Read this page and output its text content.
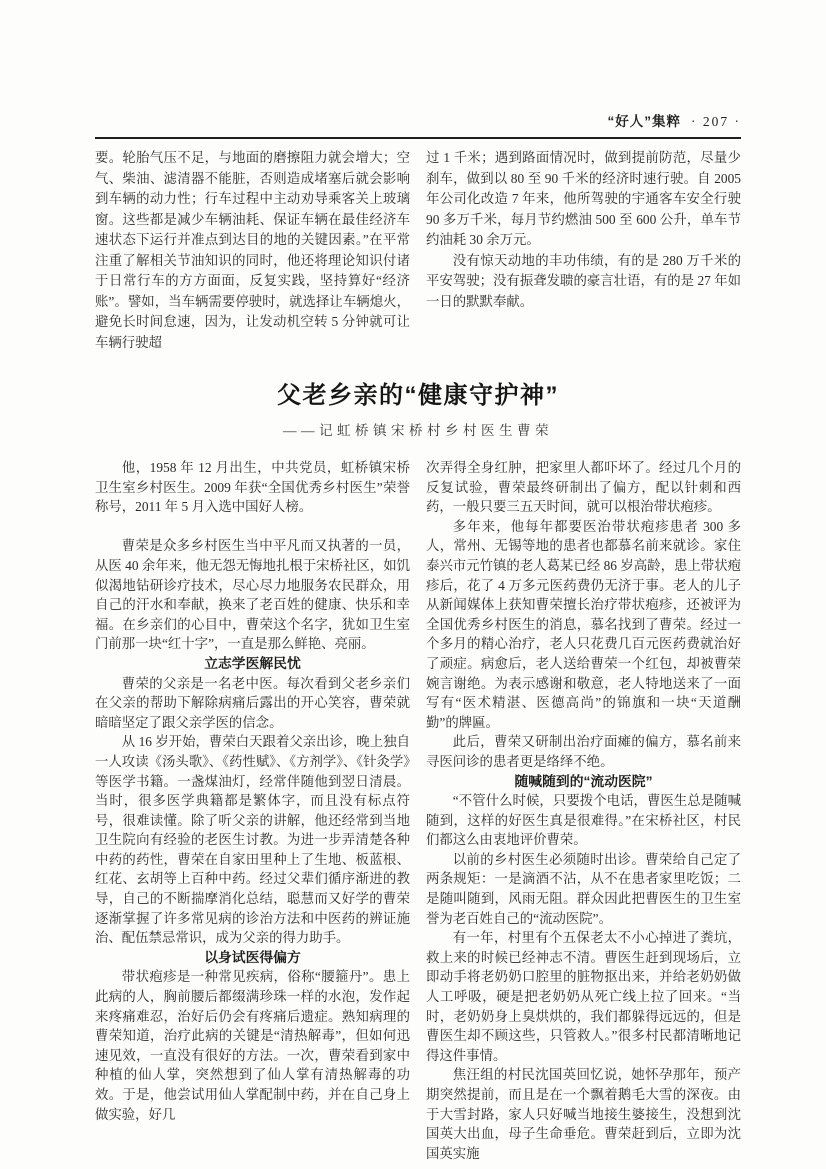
“好人”集粹 · 207 ·

要。轮胎气压不足，与地面的磨擦阻力就会增大；空气、柴油、滤清器不能脏，否则造成堵塞后就会影响到车辆的动力性；行车过程中主动劝导乘客关上玻璃窗。这些都是减少车辆油耗、保证车辆在最佳经济车速状态下运行并准点到达目的地的关键因素。”在平常注重了解相关节油知识的同时，他还将理论知识付诸于日常行车的方方面面，反复实践，坚持算好“经济账”。譬如，当车辆需要停驶时，就选择让车辆熄火，避免长时间怠速，因为，让发动机空转 5 分钟就可让车辆行驶超

过 1 千米；遇到路面情况时，做到提前防范，尽量少刹车，做到以 80 至 90 千米的经济时速行驶。自 2005 年公司化改造 7 年来，他所驾驶的宇通客车安全行驶 90 多万千米，每月节约燃油 500 至 600 公升，单车节约油耗 30 余万元。

没有惊天动地的丰功伟绩，有的是 280 万千米的平安驾驶；没有振聋发聩的豪言壮语，有的是 27 年如一日的默默奉献。

父老乡亲的“健康守护神”
——记虹桥镇宋桥村乡村医生曹荣

他，1958 年 12 月出生，中共党员，虹桥镇宋桥卫生室乡村医生。2009 年获“全国优秀乡村医生”荣誉称号，2011 年 5 月入选中国好人榜。

曹荣是众多乡村医生当中平凡而又执著的一员，从医 40 余年来，他无怨无悔地扎根于宋桥社区，如饥似渴地钻研诊疗技术，尽心尽力地服务农民群众，用自己的汗水和奉献，换来了老百姓的健康、快乐和幸福。在乡亲们的心目中，曹荣这个名字，犹如卫生室门前那一块“红十字”，一直是那么鲜艳、亮丽。

立志学医解民忧

曹荣的父亲是一名老中医。每次看到父老乡亲们在父亲的帮助下解除病痛后露出的开心笑容，曹荣就暗暗坚定了跟父亲学医的信念。

从 16 岁开始，曹荣白天跟着父亲出诊，晚上独自一人攻读《汤头歌》、《药性赋》、《方剂学》、《针灸学》等医学书籍。一盏煤油灯，经常伴随他到翌日清晨。当时，很多医学典籍都是繁体字，而且没有标点符号，很难读懂。除了听父亲的讲解，他还经常到当地卫生院向有经验的老医生讨教。为进一步弄清楚各种中药的药性，曹荣在自家田里种上了生地、板蓝根、红花、玄胡等上百种中药。经过父辈们循序渐进的教导，自己的不断揣摩消化总结，聪慧而又好学的曹荣逐渐掌握了许多常见病的诊治方法和中医药的辨证施治、配伍禁忌常识，成为父亲的得力助手。

以身试医得偏方

带状疱疹是一种常见疾病，俗称“腰箍丹”。患上此病的人，胸前腰后都缀满珍珠一样的水泡，发作起来疼痛难忍，治好后仍会有疼痛后遗症。熟知病理的曹荣知道，治疗此病的关键是“清热解毒”，但如何迅速见效，一直没有很好的方法。一次，曹荣看到家中种植的仙人掌，突然想到了仙人掌有清热解毒的功效。于是，他尝试用仙人掌配制中药，并在自己身上做实验，好几

次弄得全身红肿，把家里人都吓坏了。经过几个月的反复试验，曹荣最终研制出了偏方，配以针刺和西药，一般只要三五天时间，就可以根治带状疱疹。

多年来，他每年都要医治带状疱疹患者 300 多人，常州、无锡等地的患者也都慕名前来就诊。家住泰兴市元竹镇的老人葛某已经 86 岁高龄，患上带状疱疹后，花了 4 万多元医药费仍无济于事。老人的儿子从新闻媒体上获知曹荣擅长治疗带状疱疹，还被评为全国优秀乡村医生的消息，慕名找到了曹荣。经过一个多月的精心治疗，老人只花费几百元医药费就治好了顽症。病愈后，老人送给曹荣一个红包，却被曹荣婉言谢绝。为表示感谢和敬意，老人特地送来了一面写有“医术精湛、医德高尚”的锦旗和一块“天道酬勤”的牌匾。

此后，曹荣又研制出治疗面瘫的偏方，慕名前来寻医问诊的患者更是络绎不绝。

随喊随到的“流动医院”

“不管什么时候，只要拨个电话，曹医生总是随喊随到，这样的好医生真是很难得。”在宋桥社区，村民们都这么由衷地评价曹荣。

以前的乡村医生必须随时出诊。曹荣给自己定了两条规矩：一是滴酒不沾，从不在患者家里吃饭；二是随叫随到，风雨无阻。群众因此把曹医生的卫生室誉为老百姓自己的“流动医院”。

有一年，村里有个五保老太不小心掉进了粪坑，救上来的时候已经神志不清。曹医生赶到现场后，立即动手将老奶奶口腔里的脏物抠出来，并给老奶奶做人工呼吸，硬是把老奶奶从死亡线上拉了回来。“当时，老奶奶身上臭烘烘的，我们都躲得远远的，但是曹医生却不顾这些，只管救人。”很多村民都清晰地记得这件事情。

焦汪组的村民沈国英回忆说，她怀孕那年，预产期突然提前，而且是在一个飘着鹅毛大雪的深夜。由于大雪封路，家人只好喊当地接生婆接生，没想到沈国英大出血，母子生命垂危。曹荣赶到后，立即为沈国英实施
